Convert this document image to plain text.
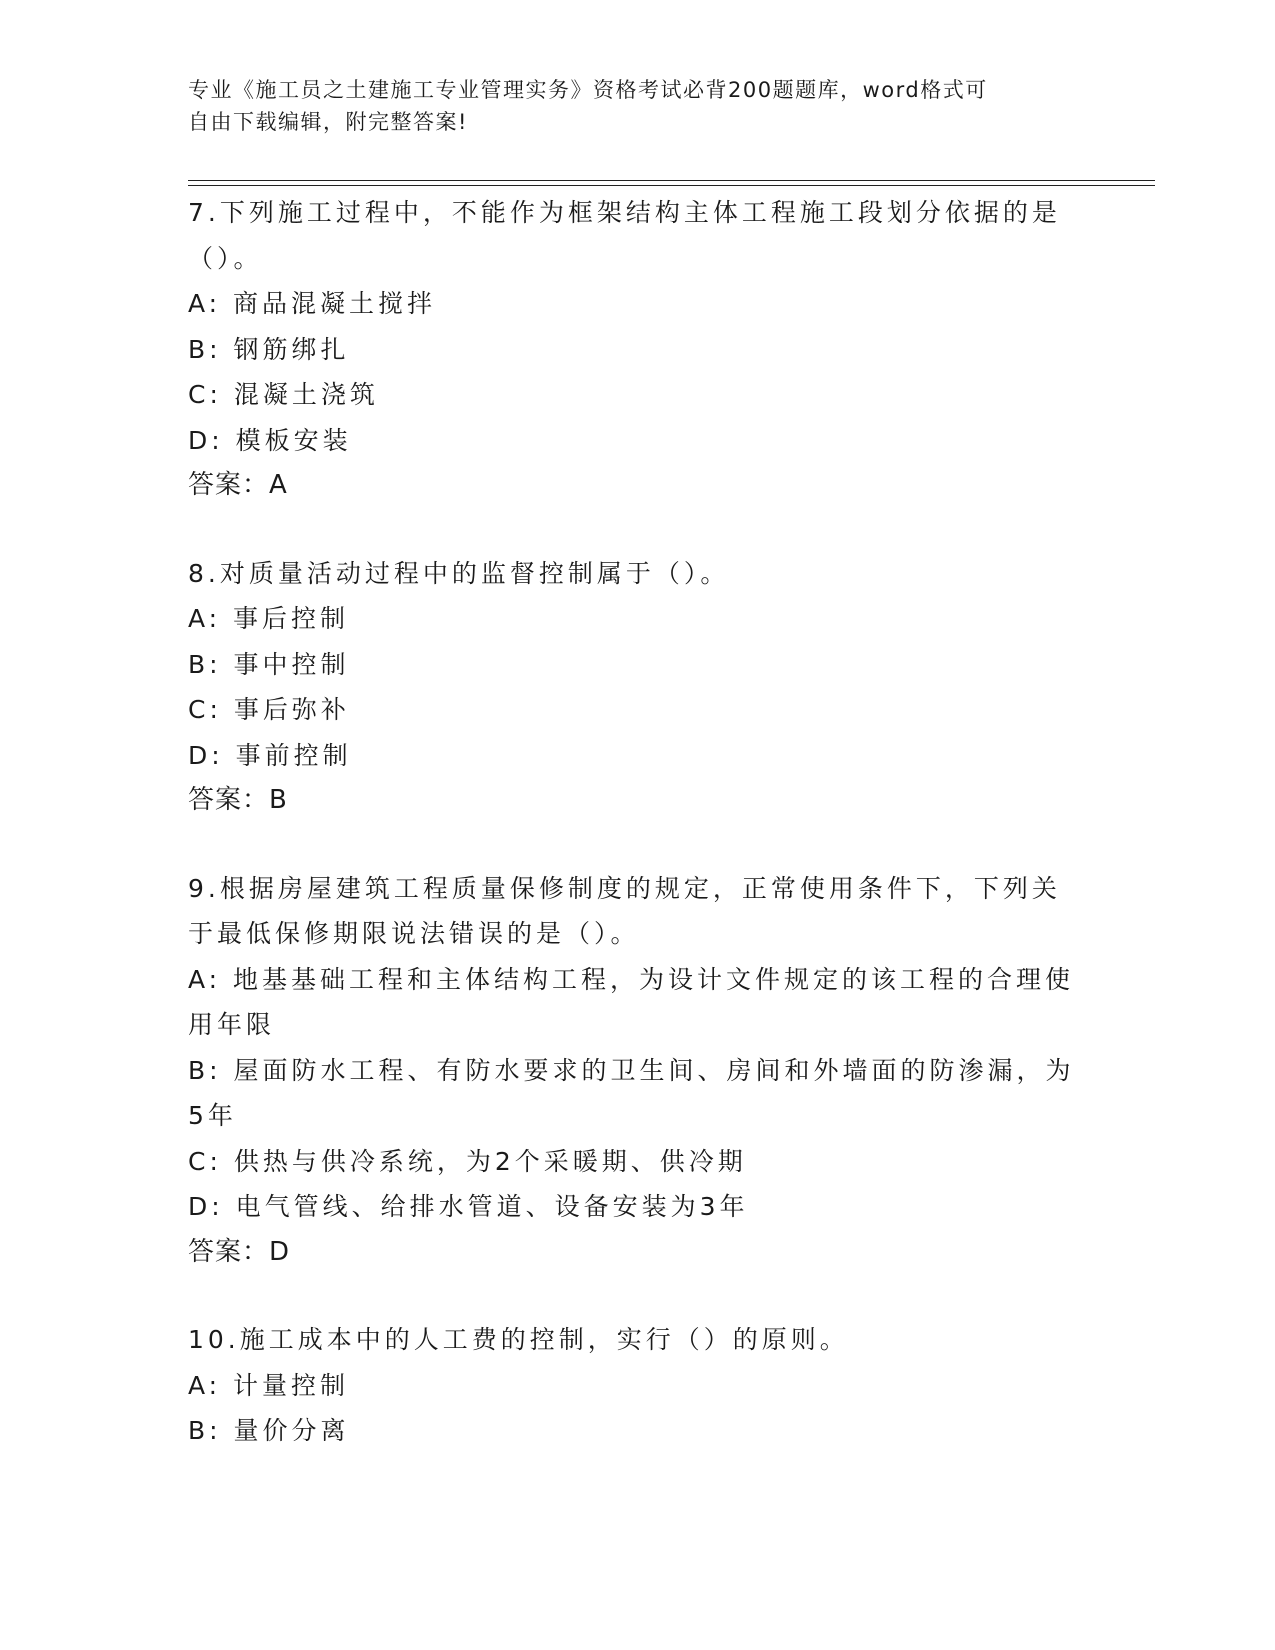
专业《施工员之土建施工专业管理实务》资格考试必背200题题库，word格式可
自由下载编辑，附完整答案!
7.下列施工过程中，不能作为框架结构主体工程施工段划分依据的是（）。
A: 商品混凝土搅拌
B: 钢筋绑扎
C: 混凝土浇筑
D: 模板安装
答案：A
8.对质量活动过程中的监督控制属于（）。
A: 事后控制
B: 事中控制
C: 事后弥补
D: 事前控制
答案：B
9.根据房屋建筑工程质量保修制度的规定，正常使用条件下，下列关于最低保修期限说法错误的是（）。
A: 地基基础工程和主体结构工程，为设计文件规定的该工程的合理使用年限
B: 屋面防水工程、有防水要求的卫生间、房间和外墙面的防渗漏，为5年
C: 供热与供冷系统，为2个采暖期、供冷期
D: 电气管线、给排水管道、设备安装为3年
答案：D
10.施工成本中的人工费的控制，实行（）的原则。
A: 计量控制
B: 量价分离
